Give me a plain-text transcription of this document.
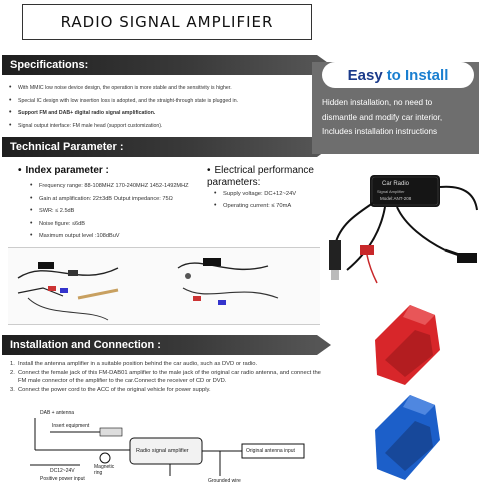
RADIO SIGNAL AMPLIFIER
Specifications:
• With MMIC low noise device design, the operation is more stable and the sensitivity is higher.
• Special IC design with low insertion loss is adopted, and the straight-through state is plugged in.
• Support FM and DAB+ digital radio signal amplification.
• Signal output interface: FM male head (support customization).
Technical Parameter :
• Index parameter :
• Frequency range: 88-108MHZ 170-240MHZ 1452-1492MHZ
• Gain at amplification: 22±3dB Output impedance: 75Ω
• SWR: ≤ 2.5dB
• Noise figure: ≤6dB
• Maximum output level :108dBuV
• Electrical performance parameters:
• Supply voltage: DC+12~24V
• Operating current: ≤ 70mA
Installation and Connection :
1. Install the antenna amplifier in a suitable position behind the car audio, such as DVD or radio.
2. Connect the female jack of this FM-DAB01 amplifier to the male jack of the original car radio antenna, and connect the FM male connector of the amplifier to the car.Connect the receiver of CD or DVD.
3. Connect the power cord to the ACC of the original vehicle for power supply.
DAB + antenna
Insert equipment
DC12~24V
Positive power input
Magnetic ring
Radio signal amplifier	Original antenna input
Grounded wire
Easy to Install
Hidden installation, no need to
dismantle and modify car interior,
Includes installation instructions
Car Radio
Signal Amplifier
Model:ANT-208
